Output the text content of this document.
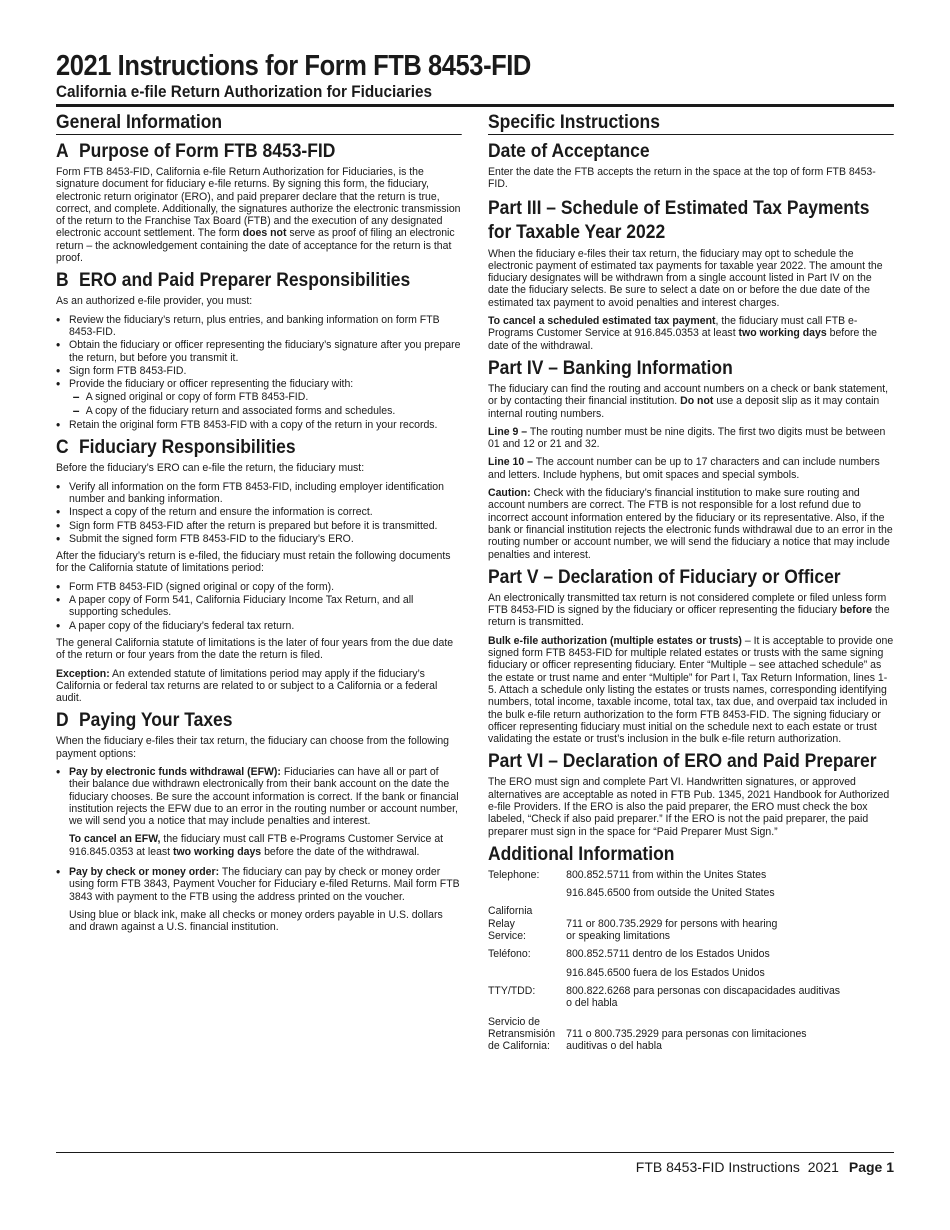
2021 Instructions for Form FTB 8453-FID
California e-file Return Authorization for Fiduciaries
General Information
A Purpose of Form FTB 8453-FID

Form FTB 8453-FID, California e-file Return Authorization for Fiduciaries, is the signature document for fiduciary e-file returns. By signing this form, the fiduciary, electronic return originator (ERO), and paid preparer declare that the return is true, correct, and complete. Additionally, the signatures authorize the electronic transmission of the return to the Franchise Tax Board (FTB) and the execution of any designated electronic account settlement. The form does not serve as proof of filing an electronic return – the acknowledgement containing the date of acceptance for the return is that proof.

B ERO and Paid Preparer Responsibilities

As an authorized e-file provider, you must:

• Review the fiduciary’s return, plus entries, and banking information on form FTB 8453-FID.
• Obtain the fiduciary or officer representing the fiduciary’s signature after you prepare the return, but before you transmit it.
• Sign form FTB 8453-FID.
• Provide the fiduciary or officer representing the fiduciary with:
– A signed original or copy of form FTB 8453-FID.
– A copy of the fiduciary return and associated forms and schedules.
• Retain the original form FTB 8453-FID with a copy of the return in your records.
C Fiduciary Responsibilities

Before the fiduciary’s ERO can e-file the return, the fiduciary must:

• Verify all information on the form FTB 8453-FID, including employer identification number and banking information.
• Inspect a copy of the return and ensure the information is correct.
• Sign form FTB 8453-FID after the return is prepared but before it is transmitted.
• Submit the signed form FTB 8453-FID to the fiduciary’s ERO.

After the fiduciary’s return is e-filed, the fiduciary must retain the following documents for the California statute of limitations period:

• Form FTB 8453-FID (signed original or copy of the form).
• A paper copy of Form 541, California Fiduciary Income Tax Return, and all supporting schedules.
• A paper copy of the fiduciary’s federal tax return.

The general California statute of limitations is the later of four years from the due date of the return or four years from the date the return is filed.

Exception: An extended statute of limitations period may apply if the fiduciary’s California or federal tax returns are related to or subject to a California or a federal audit.

D Paying Your Taxes

When the fiduciary e-files their tax return, the fiduciary can choose from the following payment options:

• Pay by electronic funds withdrawal (EFW): Fiduciaries can have all or part of their balance due withdrawn electronically from their bank account on the date the fiduciary chooses. Be sure the account information is correct. If the bank or financial institution rejects the EFW due to an error in the routing number or account number, we will send you a notice that may include penalties and interest.
To cancel an EFW, the fiduciary must call FTB e-Programs Customer Service at 916.845.0353 at least two working days before the date of the withdrawal.
• Pay by check or money order: The fiduciary can pay by check or money order using form FTB 3843, Payment Voucher for Fiduciary e-filed Returns. Mail form FTB 3843 with payment to the FTB using the address printed on the voucher.
Using blue or black ink, make all checks or money orders payable in U.S. dollars and drawn against a U.S. financial institution.
Specific Instructions
Date of Acceptance

Enter the date the FTB accepts the return in the space at the top of form FTB 8453-FID.

Part III – Schedule of Estimated Tax Payments for Taxable Year 2022

When the fiduciary e-files their tax return, the fiduciary may opt to schedule the electronic payment of estimated tax payments for taxable year 2022. The amount the fiduciary designates will be withdrawn from a single account listed in Part IV on the date the fiduciary selects. Be sure to select a date on or before the due date of the estimated tax payment to avoid penalties and interest charges.

To cancel a scheduled estimated tax payment, the fiduciary must call FTB e-Programs Customer Service at 916.845.0353 at least two working days before the date of the withdrawal.

Part IV – Banking Information

The fiduciary can find the routing and account numbers on a check or bank statement, or by contacting their financial institution. Do not use a deposit slip as it may contain internal routing numbers.

Line 9 – The routing number must be nine digits. The first two digits must be between 01 and 12 or 21 and 32.

Line 10 – The account number can be up to 17 characters and can include numbers and letters. Include hyphens, but omit spaces and special symbols.

Caution: Check with the fiduciary’s financial institution to make sure routing and account numbers are correct. The FTB is not responsible for a lost refund due to incorrect account information entered by the fiduciary or its representative. Also, if the bank or financial institution rejects the electronic funds withdrawal due to an error in the routing number or account number, we will send the fiduciary a notice that may include penalties and interest.

Part V – Declaration of Fiduciary or Officer

An electronically transmitted tax return is not considered complete or filed unless form FTB 8453-FID is signed by the fiduciary or officer representing the fiduciary before the return is transmitted.

Bulk e-file authorization (multiple estates or trusts) – It is acceptable to provide one signed form FTB 8453-FID for multiple related estates or trusts with the same signing fiduciary or officer representing fiduciary. Enter “Multiple – see attached schedule” as the estate or trust name and enter “Multiple” for Part I, Tax Return Information, lines 1-5. Attach a schedule only listing the estates or trusts names, corresponding identifying numbers, total income, taxable income, total tax, tax due, and overpaid tax included in the bulk e-file return authorization to the form FTB 8453-FID. The signing fiduciary or officer representing fiduciary must initial on the schedule next to each estate or trust validating the estate or trust’s inclusion in the bulk e-file return authorization.

Part VI – Declaration of ERO and Paid Preparer

The ERO must sign and complete Part VI. Handwritten signatures, or approved alternatives are acceptable as noted in FTB Pub. 1345, 2021 Handbook for Authorized e-file Providers. If the ERO is also the paid preparer, the ERO must check the box labeled, “Check if also paid preparer.” If the ERO is not the paid preparer, the paid preparer must sign in the space for “Paid Preparer Must Sign.”

Additional Information
Telephone:	800.852.5711 from within the Unites States
	916.845.6500 from outside the United States
California
Relay
Service:	711 or 800.735.2929 for persons with hearing
or speaking limitations
Teléfono:	800.852.5711 dentro de los Estados Unidos
	916.845.6500 fuera de los Estados Unidos
TTY/TDD:	800.822.6268 para personas con discapacidades auditivas
o del habla
Servicio de
Retransmisión
de California:	711 o 800.735.2929 para personas con limitaciones
auditivas o del habla
FTB 8453-FID Instructions  2021 Page 1
